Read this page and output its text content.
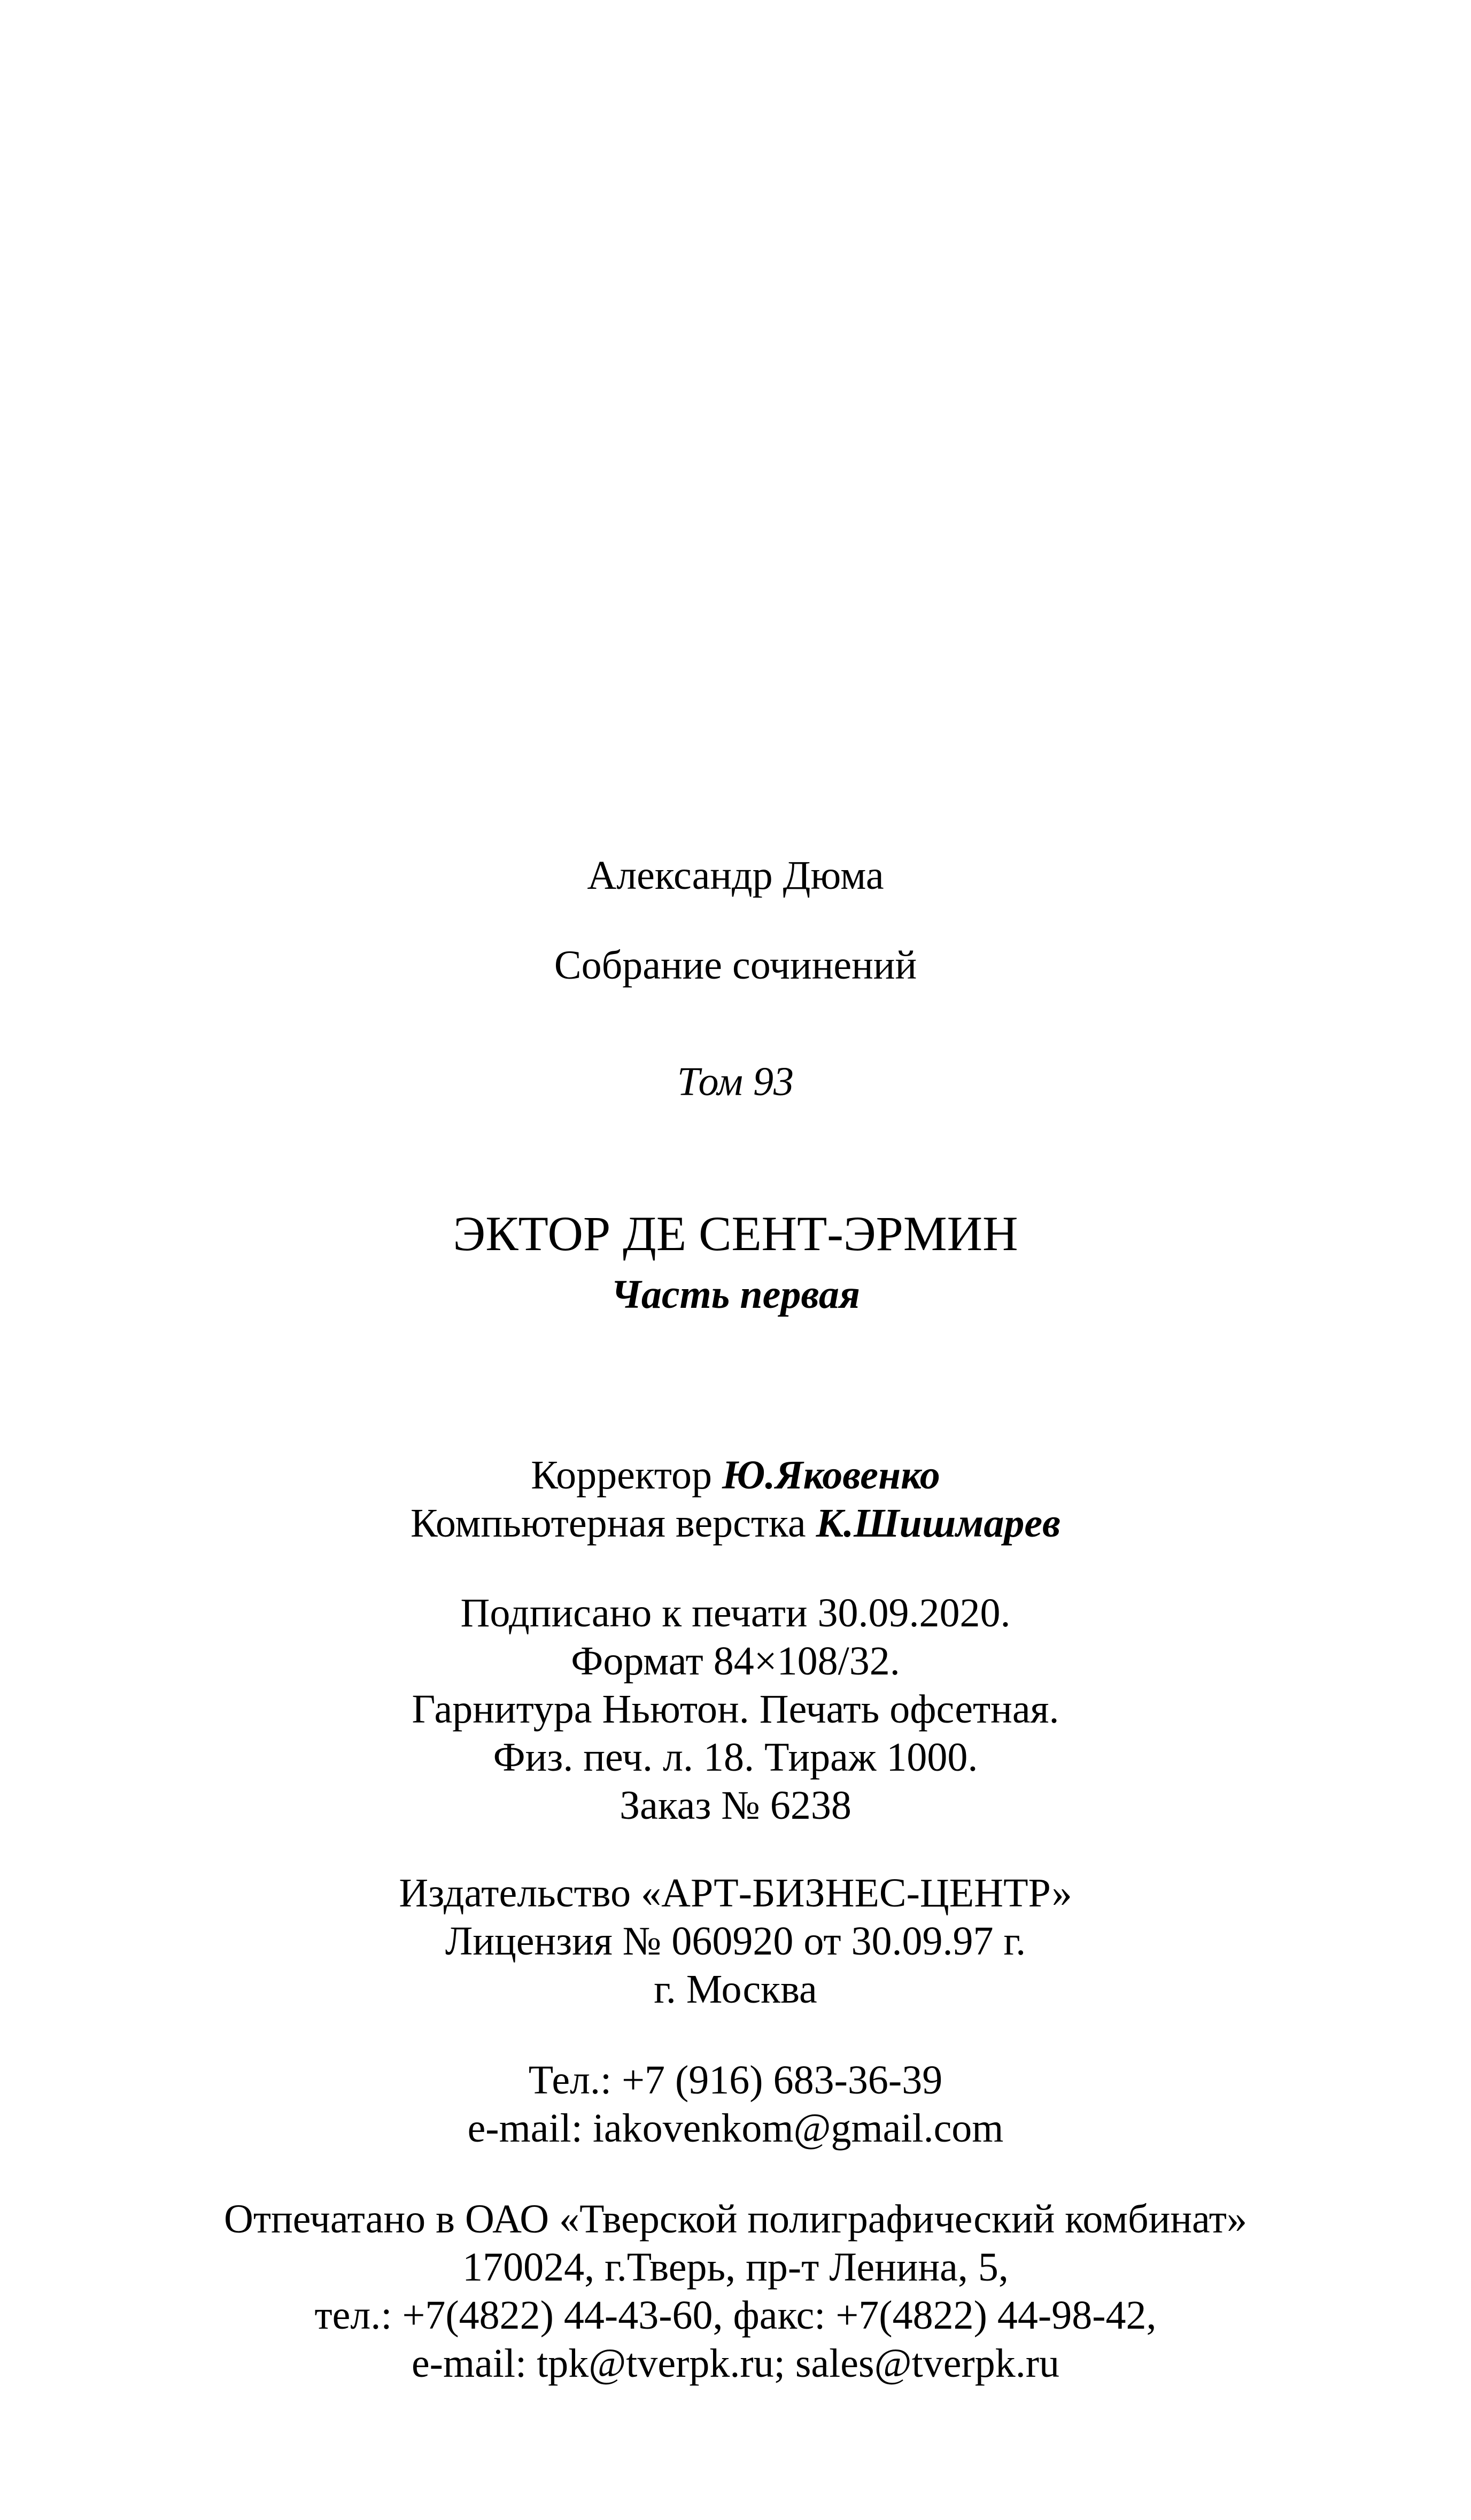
Александр Дюма
Собрание сочинений
Том 93
ЭКТОР ДЕ СЕНТ-ЭРМИН
Часть первая
Корректор Ю.Яковенко
Компьютерная верстка К.Шишмарев
Подписано к печати 30.09.2020.
Формат 84×108/32.
Гарнитура Ньютон. Печать офсетная.
Физ. печ. л. 18. Тираж 1000.
Заказ № 6238
Издательство «АРТ-БИЗНЕС-ЦЕНТР»
Лицензия № 060920 от 30.09.97 г.
г. Москва
Тел.: +7 (916) 683-36-39
e-mail: iakovenkom@gmail.com
Отпечатано в ОАО «Тверской полиграфический комбинат»
170024, г.Тверь, пр-т Ленина, 5,
тел.: +7(4822) 44-43-60, факс: +7(4822) 44-98-42,
e-mail: tpk@tverpk.ru; sales@tverpk.ru
